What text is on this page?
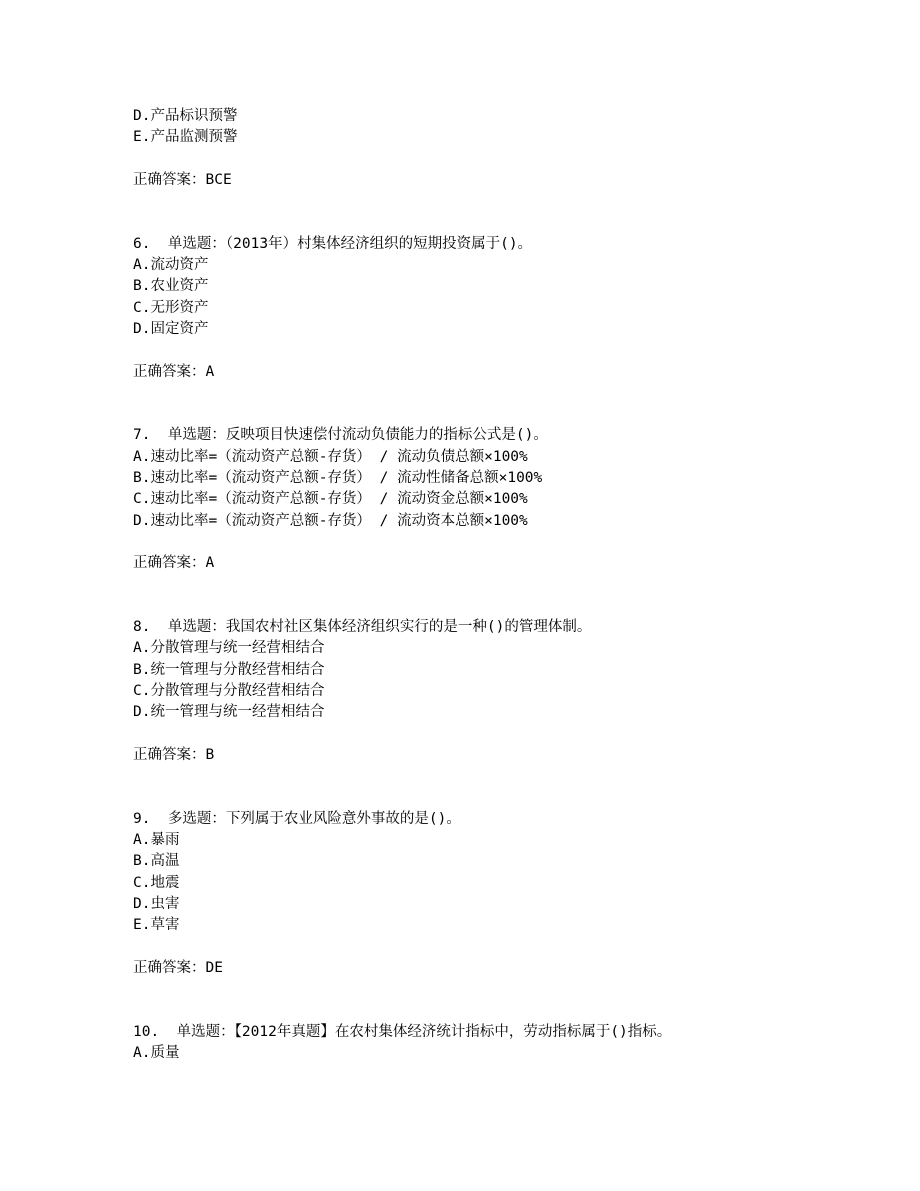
D.产品标识预警
E.产品监测预警
正确答案：BCE
6.  单选题：（2013年）村集体经济组织的短期投资属于()。
A.流动资产
B.农业资产
C.无形资产
D.固定资产
正确答案：A
7.  单选题：反映项目快速偿付流动负债能力的指标公式是()。
A.速动比率=（流动资产总额-存货） / 流动负债总额×100%
B.速动比率=（流动资产总额-存货） / 流动性储备总额×100%
C.速动比率=（流动资产总额-存货） / 流动资金总额×100%
D.速动比率=（流动资产总额-存货） / 流动资本总额×100%
正确答案：A
8.  单选题：我国农村社区集体经济组织实行的是一种()的管理体制。
A.分散管理与统一经营相结合
B.统一管理与分散经营相结合
C.分散管理与分散经营相结合
D.统一管理与统一经营相结合
正确答案：B
9.  多选题：下列属于农业风险意外事故的是()。
A.暴雨
B.高温
C.地震
D.虫害
E.草害
正确答案：DE
10.  单选题：【2012年真题】在农村集体经济统计指标中，劳动指标属于()指标。
A.质量
